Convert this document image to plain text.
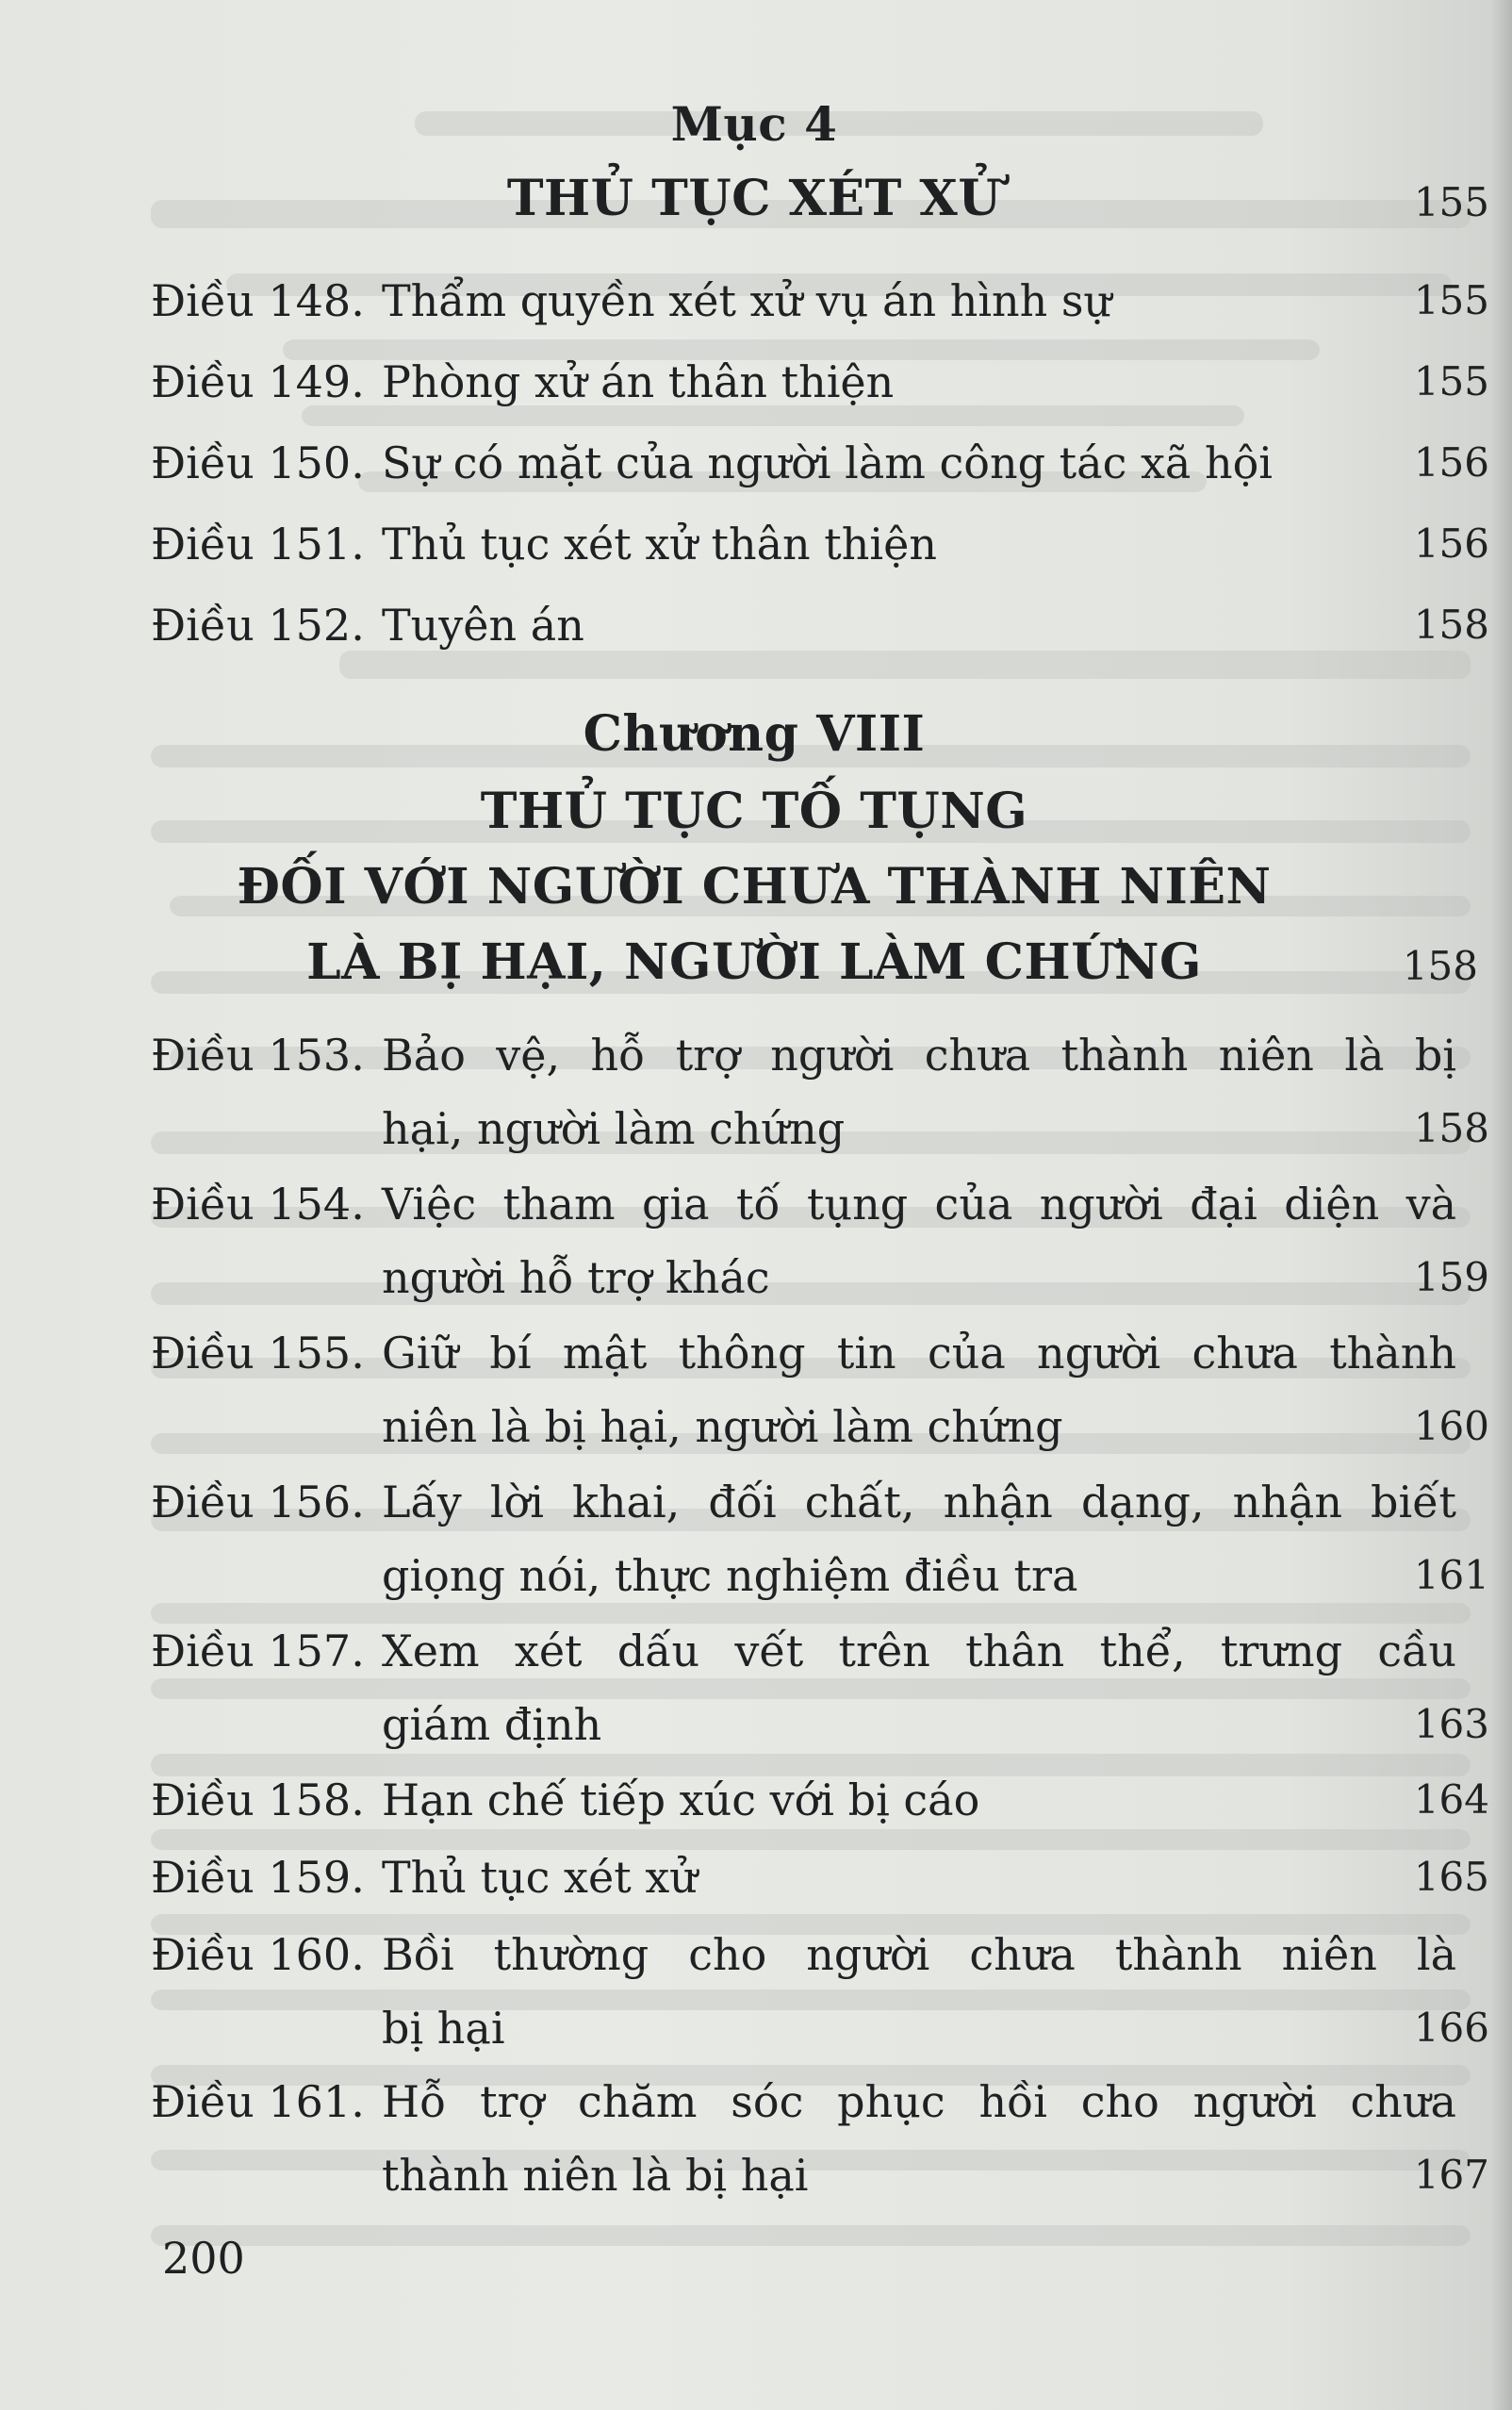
Mục 4
THỦ TỤC XÉT XỬ	155
Điều 148. Thẩm quyền xét xử vụ án hình sự	155
Điều 149. Phòng xử án thân thiện	155
Điều 150. Sự có mặt của người làm công tác xã hội	156
Điều 151. Thủ tục xét xử thân thiện	156
Điều 152. Tuyên án	158
Chương VIII
THỦ TỤC TỐ TỤNG
ĐỐI VỚI NGƯỜI CHƯA THÀNH NIÊN
LÀ BỊ HẠI, NGƯỜI LÀM CHỨNG	158
Điều 153. Bảo vệ, hỗ trợ người chưa thành niên là bị
hại, người làm chứng	158
Điều 154. Việc tham gia tố tụng của người đại diện và
người hỗ trợ khác	159
Điều 155. Giữ bí mật thông tin của người chưa thành
niên là bị hại, người làm chứng	160
Điều 156. Lấy lời khai, đối chất, nhận dạng, nhận biết
giọng nói, thực nghiệm điều tra	161
Điều 157. Xem xét dấu vết trên thân thể, trưng cầu
giám định	163
Điều 158. Hạn chế tiếp xúc với bị cáo	164
Điều 159. Thủ tục xét xử	165
Điều 160. Bồi thường cho người chưa thành niên là
bị hại	166
Điều 161. Hỗ trợ chăm sóc phục hồi cho người chưa
thành niên là bị hại	167
200
